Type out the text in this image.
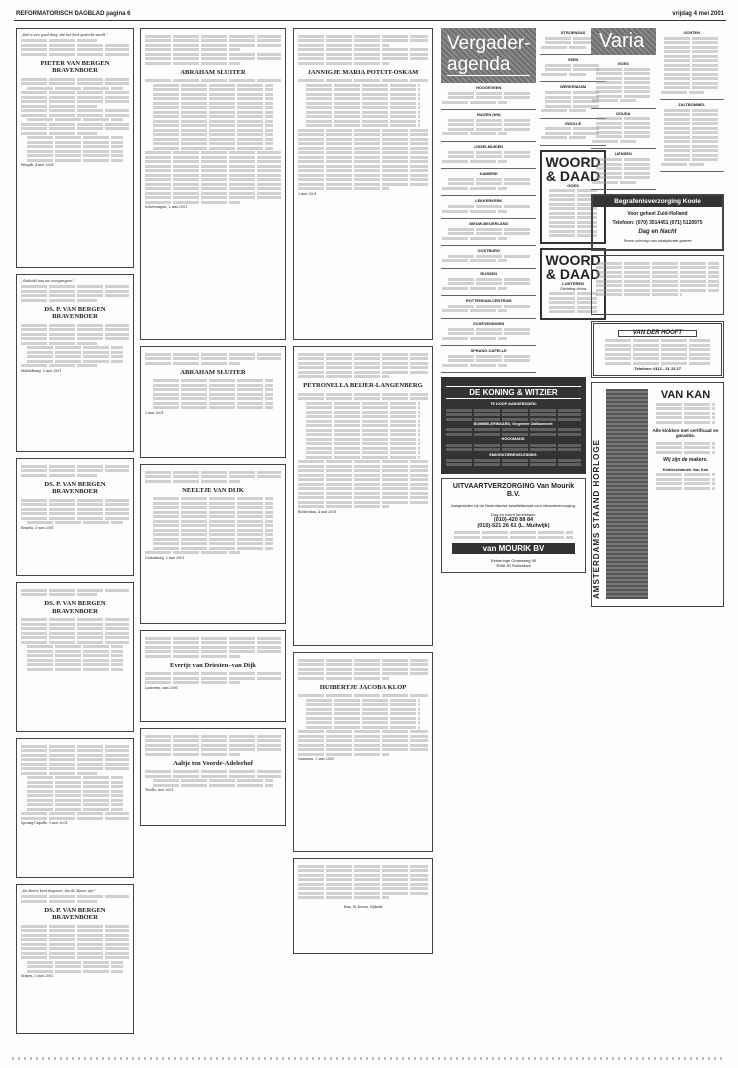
REFORMATORISCH DAGBLAD pagina 6	vrijdag 4 mei 2001
„Het is een goed ding, dat het hart gesterkt wordt."
PIETER VAN BERGEN BRAVENBOER

Waspik, 4 mei 2001

„Gedenkt aan uw voorgangers."
DS. P. VAN BERGEN BRAVENBOER

Middelburg, 3 mei 2001

DS. P. VAN BERGEN BRAVENBOER

Ermelo, 3 mei 2001

DS. P. VAN BERGEN BRAVENBOER

Sprang-Capelle, 3 mei 2001

„De Heere kent degenen, die de Zijnen zijn."
DS. P. VAN BERGEN BRAVENBOER

Strijen, 3 mei 2001

ABRAHAM SLUITER

Schevenigen, 2 mei 2001

ABRAHAM SLUITER

2 mei 2001

NEELTJE VAN DIJK

Culemborg, 2 mei 2001

Evertje van Driesten–van Dijk

Lunteren, mei 2001

Aaltje ten Voorde-Adelerhof

Twello, mei 2001

JANNIGJE MARIA POTUIT-OSKAM

2 mei 2001

PETRONELLA BEIJER-LANGENBERG

Rotterdam, 4 mei 2001

HUIBERTJE JACOBA KLOP

Gameren, 2 mei 2001

Fam. W. Kroon, Nijkerk

Vergader-agenda
HOOGEVEEN
HUIZEN (NH)
IJSSELMUIDEN
KAMERIK
LEKKERKERK
NIEUW-BEIJERLAND
OOSTBURG
RIJSSEN
ROTTERDAM-CENTRUM
SCHEVENINGEN
SPRANG-CAPELLE
STRIJENSAS
VEEN
WERKENDAM
ZWOLLE
WOORD & DAAD
GOES
WOORD & DAAD
LUNTEREN
Stichting Hoha
DE KONING & WITZIER
TE KOOP AANGEBODEN:
BOMMELERWAARD, Ongeveer Zaltbommel:
HOOGMADE:
EMIGRATIEBEGELEIDING:
UITVAARTVERZORGING Van Mourik B.V.
Aangesloten bij de Nederlandse kwaliteitsraad voor uitvaartverzorging.
Dag en nacht bereikbaar:
(010)-420 88 84
(010)-521 26 61 (L. Muilwijk)
van MOURIK BV
Kerkeringh Onnesweg 50
3068 JR Rotterdam
Varia
GOES
GOUDA
LIENDEN
OCHTEN
ZALTBOMMEL
Begrafenisverzorging Koole
Voor geheel Zuid-Holland
Telefoon: (070) 3514451 (071) 5120975
Dag en Nacht
Teven schroop van uitstijdonde granen
VAN DER HOOFT
Telefoon: 0113 - 31 13 17
AMSTERDAMS STAAND HORLOGE
VAN KAN
Alle klokken met certificaat en garantie.
Wij zijn de makers.
Klokkenfabriek Van Kan
